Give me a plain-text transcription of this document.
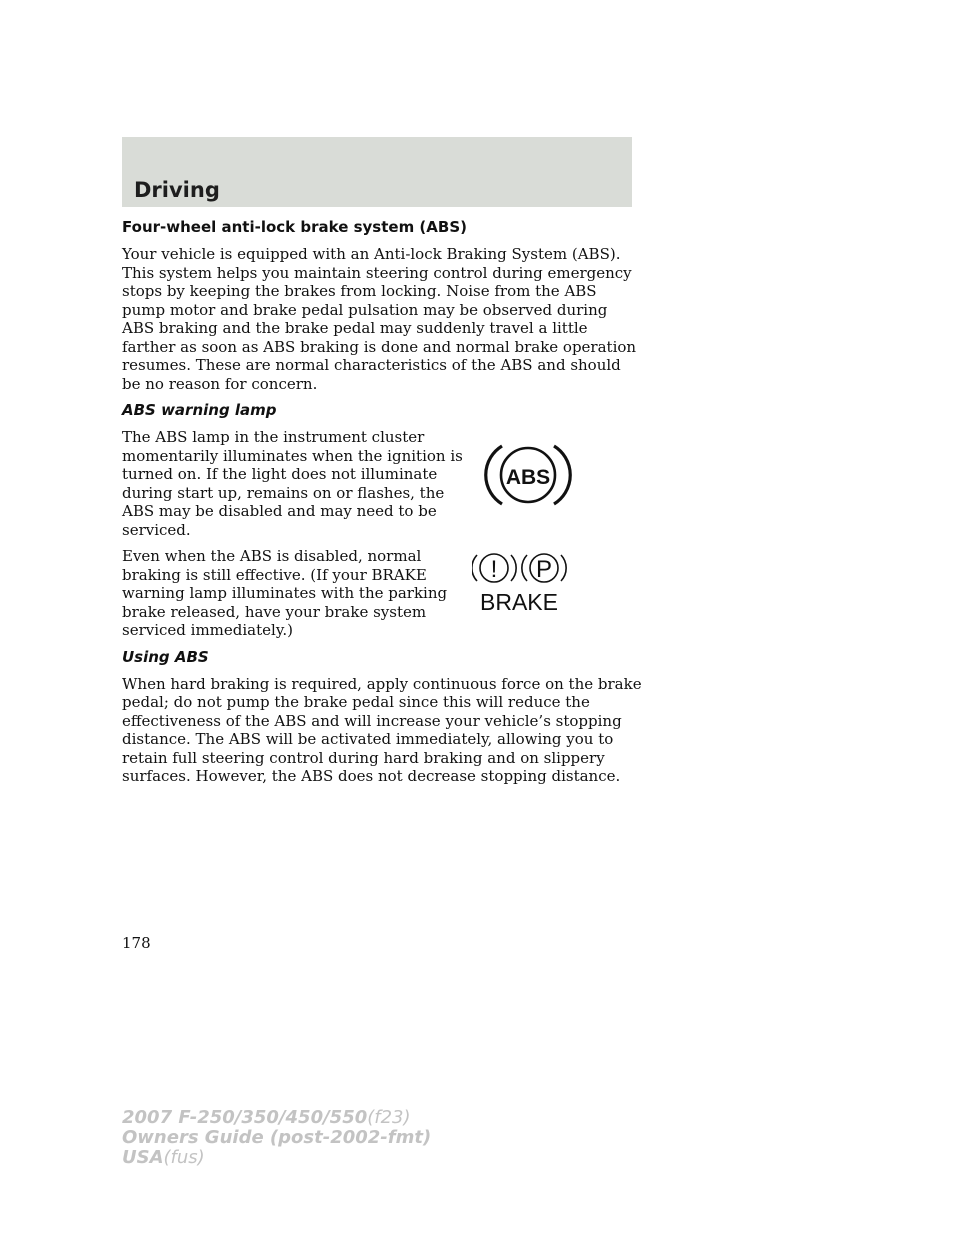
Driving
Four-wheel anti-lock brake system (ABS)

Your vehicle is equipped with an Anti-lock Braking System (ABS). This system helps you maintain steering control during emergency stops by keeping the brakes from locking. Noise from the ABS pump motor and brake pedal pulsation may be observed during ABS braking and the brake pedal may suddenly travel a little farther as soon as ABS braking is done and normal brake operation resumes. These are normal characteristics of the ABS and should be no reason for concern.

ABS warning lamp
ABS

The ABS lamp in the instrument cluster momentarily illuminates when the ignition is turned on. If the light does not illuminate during start up, remains on or flashes, the ABS may be disabled and may need to be serviced.

! P
BRAKE

Even when the ABS is disabled, normal braking is still effective. (If your BRAKE warning lamp illuminates with the parking brake released, have your brake system serviced immediately.)

Using ABS

When hard braking is required, apply continuous force on the brake pedal; do not pump the brake pedal since this will reduce the effectiveness of the ABS and will increase your vehicle’s stopping distance. The ABS will be activated immediately, allowing you to retain full steering control during hard braking and on slippery surfaces. However, the ABS does not decrease stopping distance.

178

2007 F-250/350/450/550(f23)
Owners Guide (post-2002-fmt)
USA(fus)
